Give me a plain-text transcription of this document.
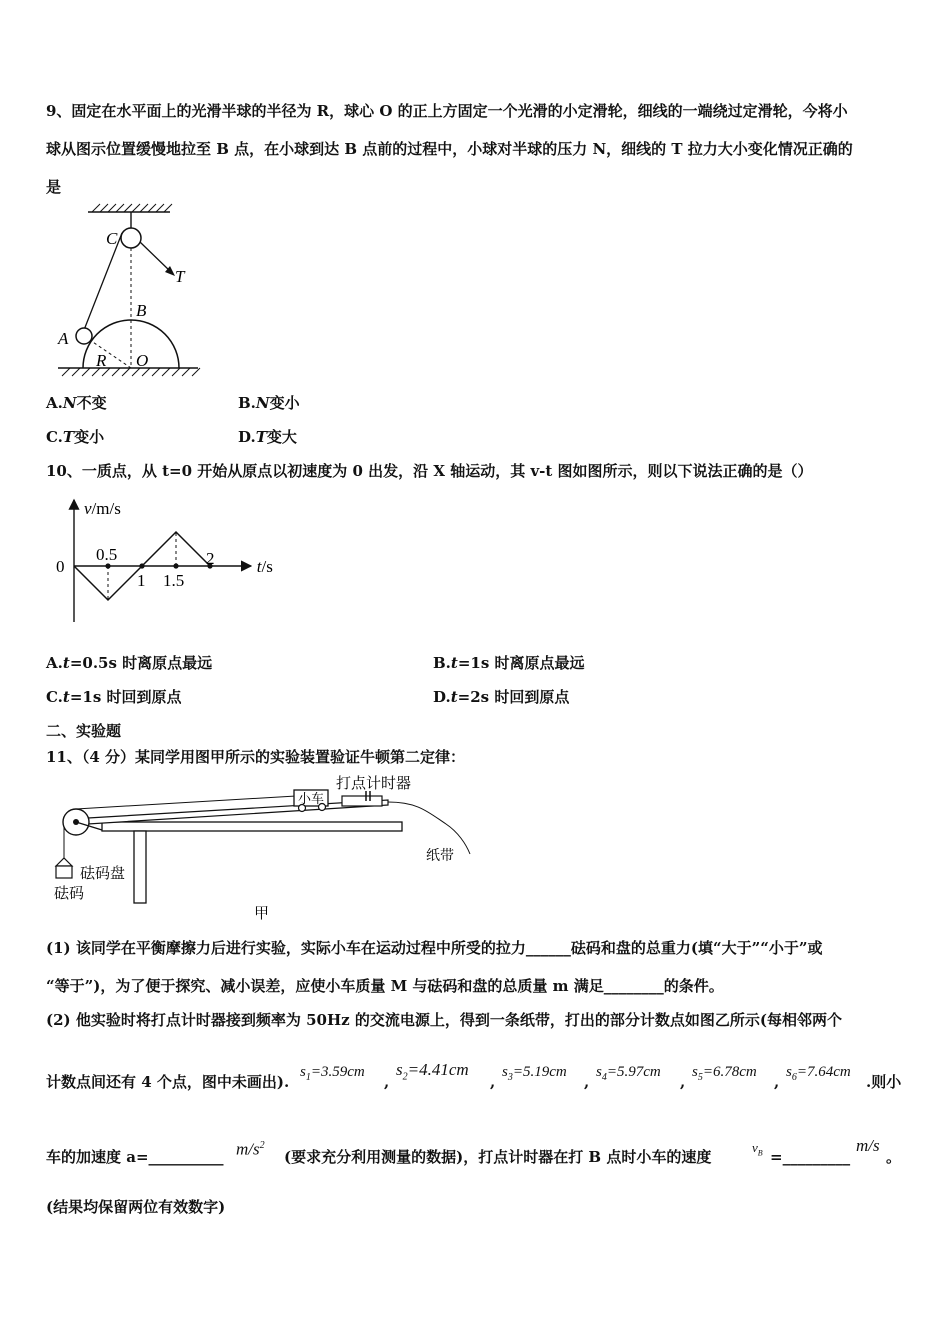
9、固定在水平面上的光滑半球的半径为 R，球心 O 的正上方固定一个光滑的小定滑轮，细线的一端绕过定滑轮，今将小
球从图示位置缓慢地拉至 B 点，在小球到达 B 点前的过程中，小球对半球的压力 N，细线的 T 拉力大小变化情况正确的
是
C
T
B
A
R O
A.N不变	B.N变小
C.T变小	D.T变大
10、一质点，从 t=0 开始从原点以初速度为 0 出发，沿 X 轴运动，其 v-t 图如图所示，则以下说法正确的是（）
v/m/s
t/s
0
0.5
1 1.5
2
A.t=0.5s 时离原点最远	B.t=1s 时离原点最远
C.t=1s 时回到原点	D.t=2s 时回到原点
二、实验题
11、（4 分）某同学用图甲所示的实验装置验证牛顿第二定律：
打点计时器
小车
纸带
砝码盘
砝码
甲
(1) 该同学在平衡摩擦力后进行实验，实际小车在运动过程中所受的拉力______砝码和盘的总重力(填“大于”“小于”或
“等于”)，为了便于探究、减小误差，应使小车质量 M 与砝码和盘的总质量 m 满足________的条件。
(2) 他实验时将打点计时器接到频率为 50Hz 的交流电源上，得到一条纸带，打出的部分计数点如图乙所示(每相邻两个
计数点间还有 4 个点，图中未画出).
$s_1=3.59cm$
,
$s_2=4.41cm$
,
$s_3=5.19cm$
,
$s_4=5.97cm$
,
$s_5=6.78cm$
,
$s_6=7.64cm$
.则小
车的加速度 a=__________ $m/s^2$
(要求充分利用测量的数据)，打点计时器在打 B 点时小车的速度
$v_B$ =_________
m/s
。
(结果均保留两位有效数字)
